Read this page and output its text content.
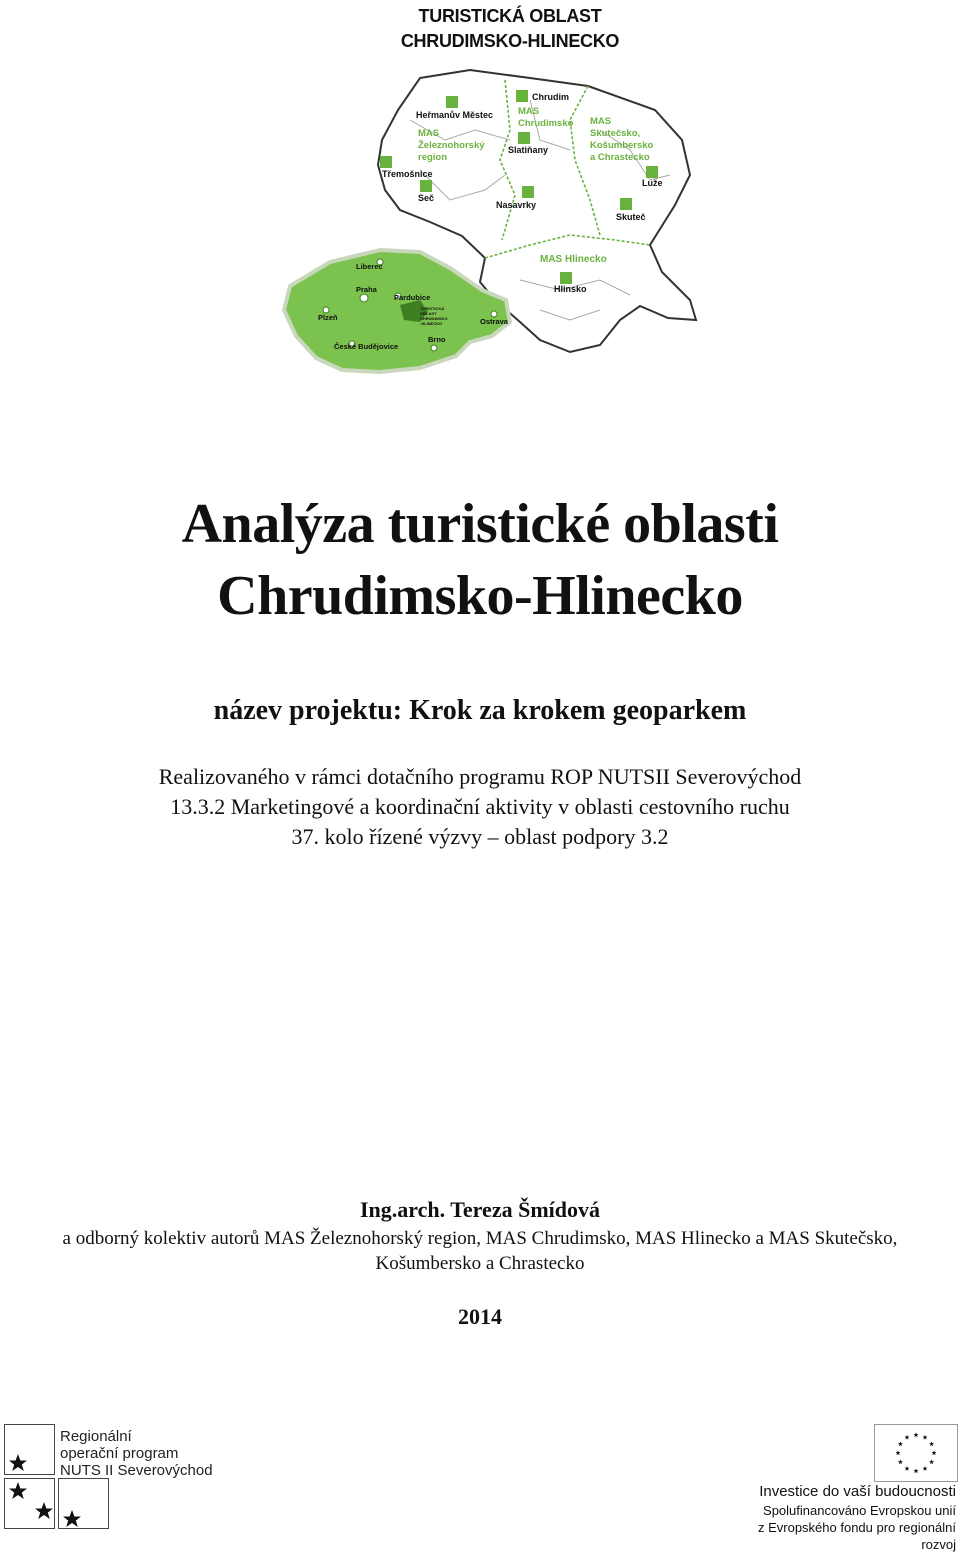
TURISTICKÁ OBLAST
CHRUDIMSKO-HLINECKO
Heřmanův Městec
MAS
Železnohorský
region
Třemošnice
Seč
Chrudim
MAS
Chrudimsko
Slatiňany
Nasavrky
MAS
Skutečsko,
Košumbersko
a Chrastecko
Luže
Skuteč
MAS Hlinecko
Hlinsko
Liberec
Praha
Pardubice
Plzeň	Ostrava
České Budějovice
Brno
TURISTICKÁ
OBLAST
CHRUDIMSKO
-HLINECKO
Analýza turistické oblasti
Chrudimsko-Hlinecko
název projektu: Krok za krokem geoparkem
Realizovaného v rámci dotačního programu ROP NUTSII Severovýchod
13.3.2 Marketingové a koordinační aktivity v oblasti cestovního ruchu
37. kolo řízené výzvy – oblast podpory 3.2
Ing.arch. Tereza Šmídová
a odborný kolektiv autorů MAS Železnohorský region, MAS Chrudimsko, MAS Hlinecko a MAS Skutečsko,
Košumbersko a Chrastecko
2014
Regionální
operační program
NUTS II Severovýchod
Investice do vaší budoucnosti
Spolufinancováno Evropskou unií
z Evropského fondu pro regionální rozvoj
